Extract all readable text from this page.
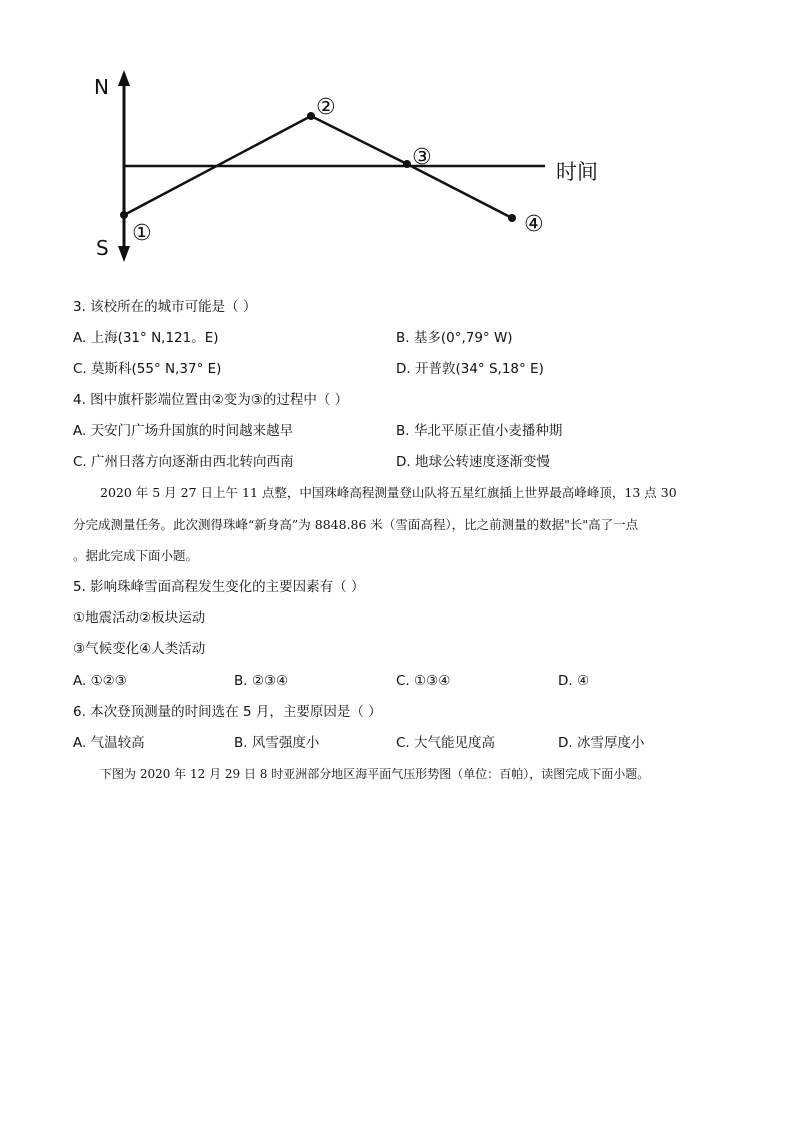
N
S
时间
①
②
③
④
3. 该校所在的城市可能是（ ）
A. 上海(31° N,121。E)	B. 基多(0°,79° W)
C. 莫斯科(55° N,37° E)	D. 开普敦(34° S,18° E)
4. 图中旗杆影端位置由②变为③的过程中（ ）
A. 天安门广场升国旗的时间越来越早	B. 华北平原正值小麦播种期
C. 广州日落方向逐渐由西北转向西南	D. 地球公转速度逐渐变慢
2020 年 5 月 27 日上午 11 点整，中国珠峰高程测量登山队将五星红旗插上世界最高峰峰顶，13 点 30
分完成测量任务。此次测得珠峰“新身高”为 8848.86 米（雪面高程），比之前测量的数据"长"高了一点
。据此完成下面小题。
5. 影响珠峰雪面高程发生变化的主要因素有（ ）
①地震活动②板块运动
③气候变化④人类活动
A. ①②③	B. ②③④	C. ①③④	D. ④
6. 本次登顶测量的时间选在 5 月，主要原因是（ ）
A. 气温较高	B. 风雪强度小	C. 大气能见度高	D. 冰雪厚度小
下图为 2020 年 12 月 29 日 8 时亚洲部分地区海平面气压形势图（单位：百帕），读图完成下面小题。
